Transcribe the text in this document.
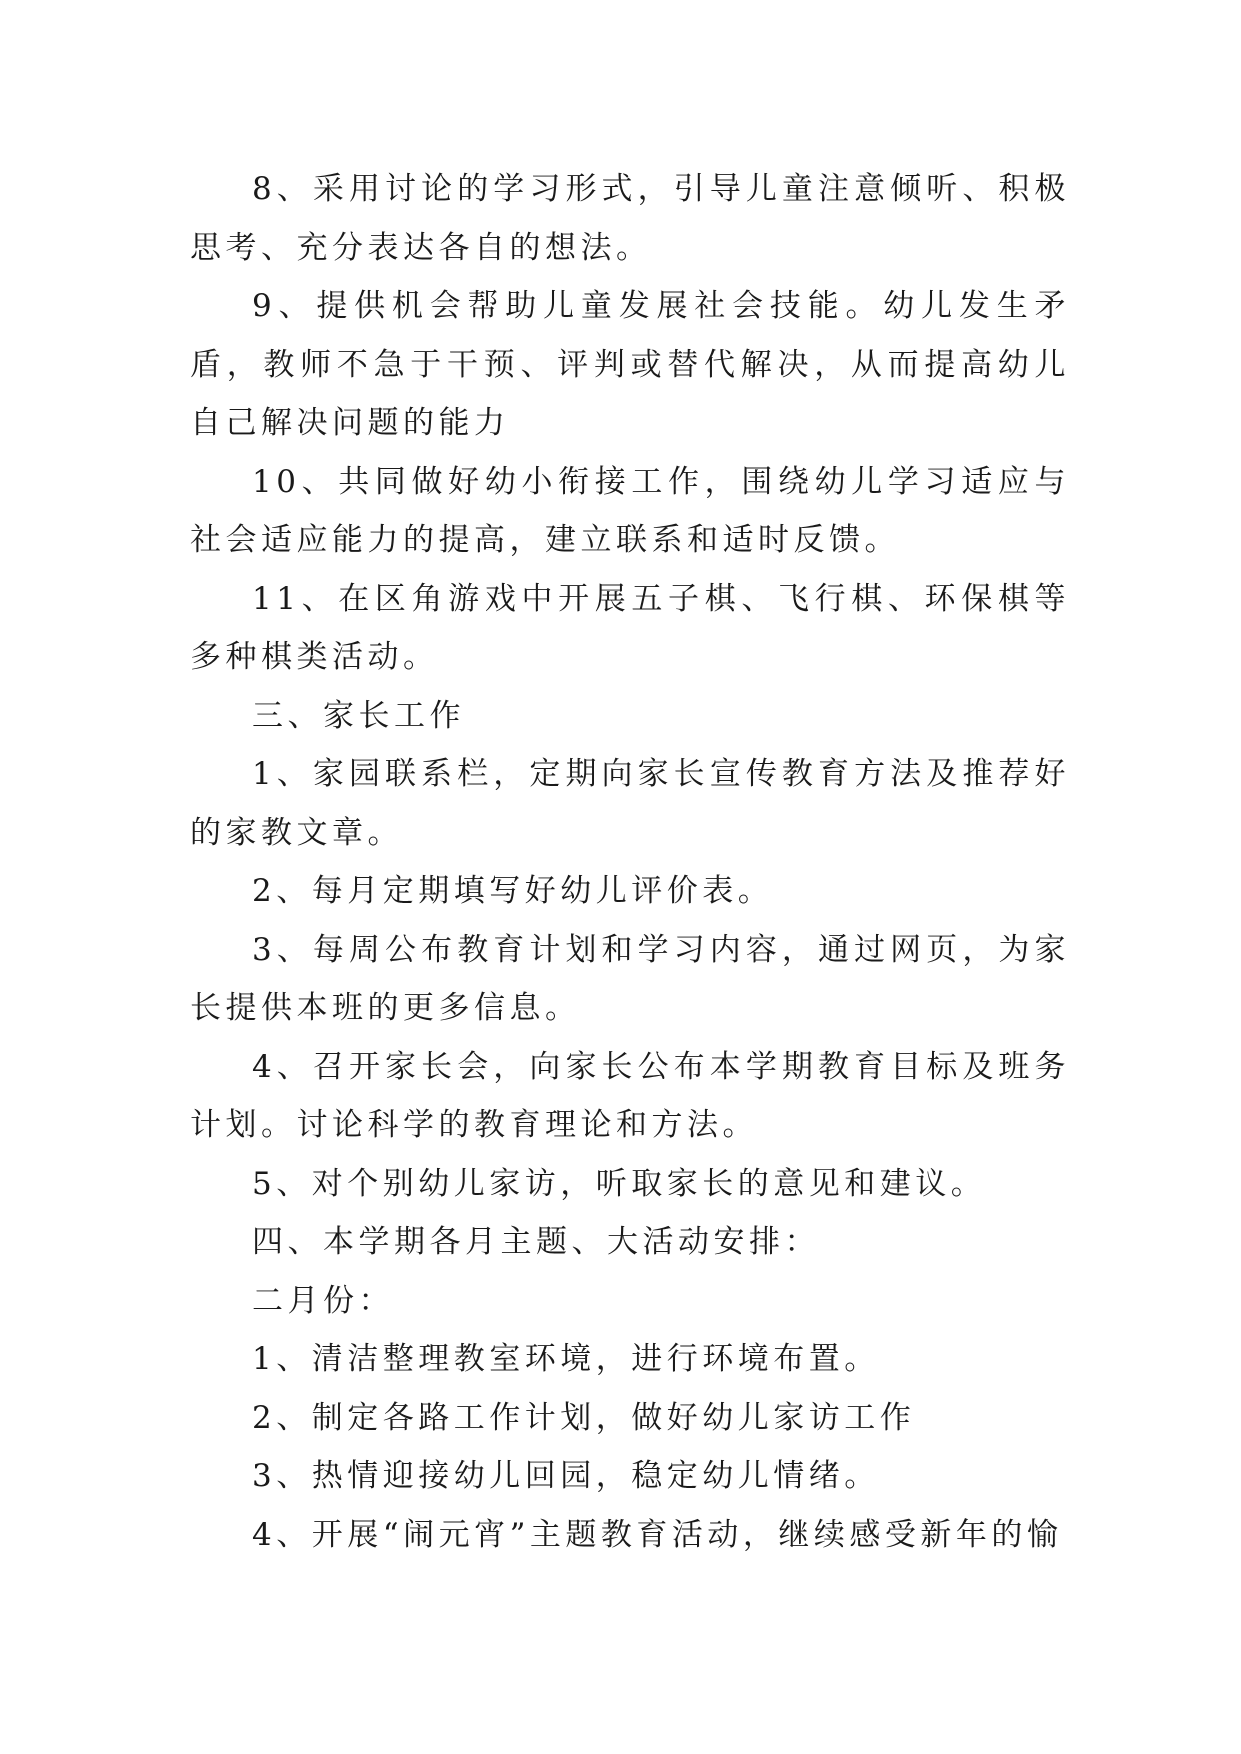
8、采用讨论的学习形式，引导儿童注意倾听、积极思考、充分表达各自的想法。

9、提供机会帮助儿童发展社会技能。幼儿发生矛盾，教师不急于干预、评判或替代解决，从而提高幼儿自己解决问题的能力

10、共同做好幼小衔接工作，围绕幼儿学习适应与社会适应能力的提高，建立联系和适时反馈。

11、在区角游戏中开展五子棋、飞行棋、环保棋等多种棋类活动。

三、家长工作

1、家园联系栏，定期向家长宣传教育方法及推荐好的家教文章。

2、每月定期填写好幼儿评价表。

3、每周公布教育计划和学习内容，通过网页，为家长提供本班的更多信息。

4、召开家长会，向家长公布本学期教育目标及班务计划。讨论科学的教育理论和方法。

5、对个别幼儿家访，听取家长的意见和建议。

四、本学期各月主题、大活动安排：

二月份：

1、清洁整理教室环境，进行环境布置。

2、制定各路工作计划，做好幼儿家访工作

3、热情迎接幼儿回园，稳定幼儿情绪。

4、开展“闹元宵”主题教育活动，继续感受新年的愉
